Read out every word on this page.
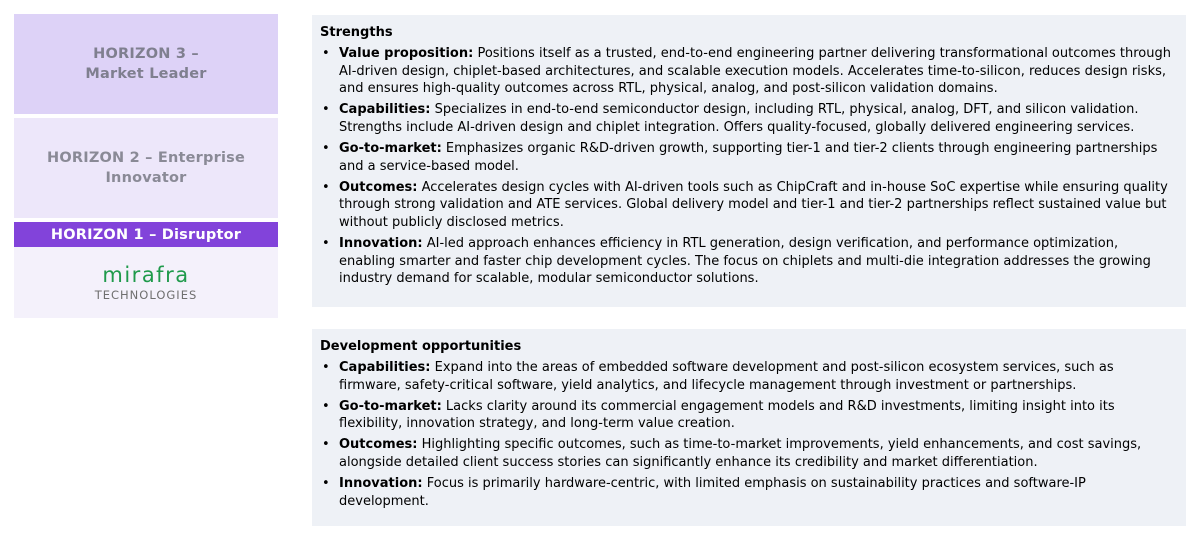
HORIZON 3 –
Market Leader
HORIZON 2 – Enterprise
Innovator
HORIZON 1 – Disruptor
mirafra
TECHNOLOGIES
Strengths
• Value proposition: Positions itself as a trusted, end-to-end engineering partner delivering transformational outcomes through AI-driven design, chiplet-based architectures, and scalable execution models. Accelerates time-to-silicon, reduces design risks, and ensures high-quality outcomes across RTL, physical, analog, and post-silicon validation domains.
• Capabilities: Specializes in end-to-end semiconductor design, including RTL, physical, analog, DFT, and silicon validation. Strengths include AI-driven design and chiplet integration. Offers quality-focused, globally delivered engineering services.
• Go-to-market: Emphasizes organic R&D-driven growth, supporting tier-1 and tier-2 clients through engineering partnerships and a service-based model.
• Outcomes: Accelerates design cycles with AI-driven tools such as ChipCraft and in-house SoC expertise while ensuring quality through strong validation and ATE services. Global delivery model and tier-1 and tier-2 partnerships reflect sustained value but without publicly disclosed metrics.
• Innovation: AI-led approach enhances efficiency in RTL generation, design verification, and performance optimization, enabling smarter and faster chip development cycles. The focus on chiplets and multi-die integration addresses the growing industry demand for scalable, modular semiconductor solutions.
Development opportunities
• Capabilities: Expand into the areas of embedded software development and post-silicon ecosystem services, such as firmware, safety-critical software, yield analytics, and lifecycle management through investment or partnerships.
• Go-to-market: Lacks clarity around its commercial engagement models and R&D investments, limiting insight into its flexibility, innovation strategy, and long-term value creation.
• Outcomes: Highlighting specific outcomes, such as time-to-market improvements, yield enhancements, and cost savings, alongside detailed client success stories can significantly enhance its credibility and market differentiation.
• Innovation: Focus is primarily hardware-centric, with limited emphasis on sustainability practices and software-IP development.
